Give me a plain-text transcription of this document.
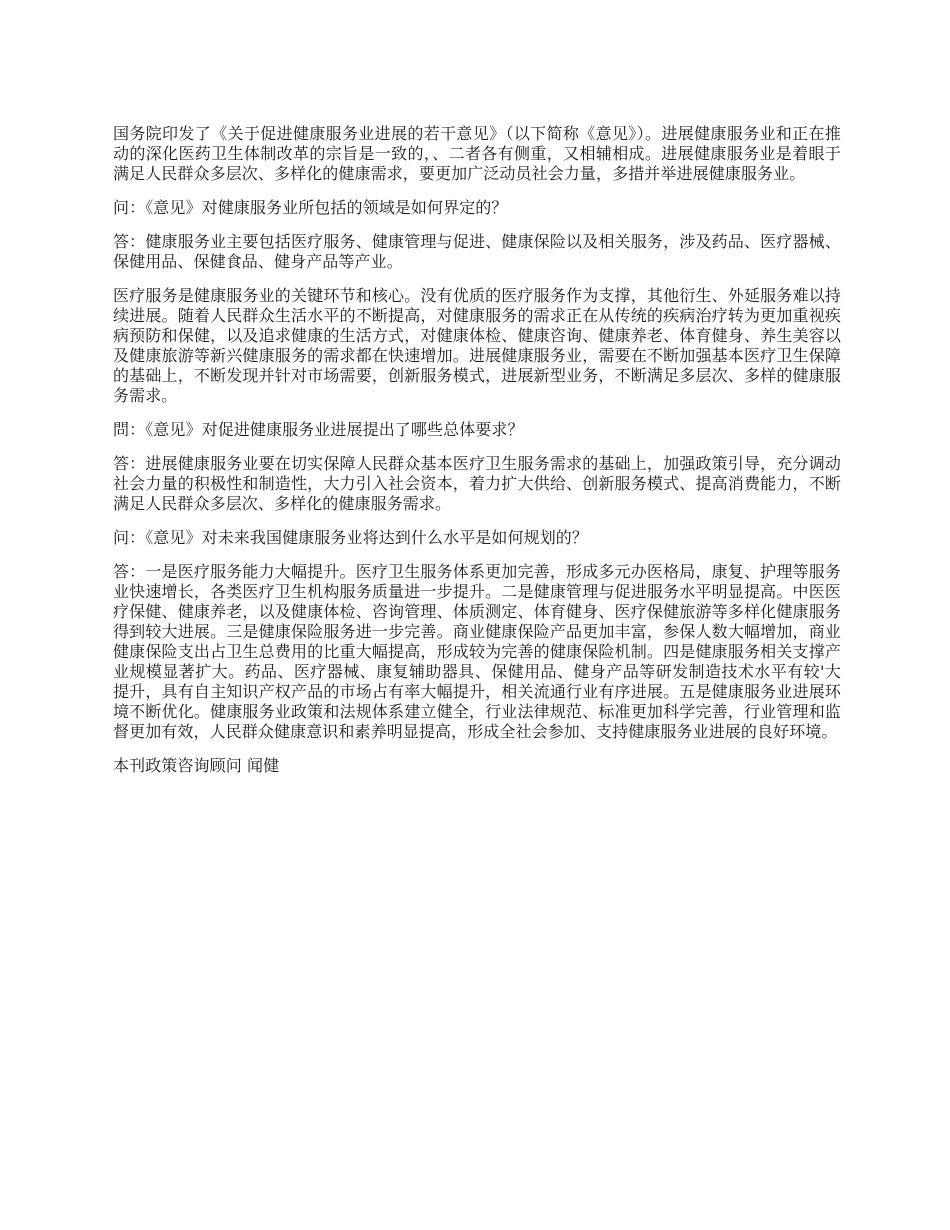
国务院印发了《关于促进健康服务业进展的若干意见》（以下简称《意见》）。进展健康服务业和正在推动的深化医药卫生体制改革的宗旨是一致的，、二者各有侧重，又相辅相成。进展健康服务业是着眼于满足人民群众多层次、多样化的健康需求，要更加广泛动员社会力量，多措并举进展健康服务业。

问：《意见》对健康服务业所包括的领域是如何界定的？

答：健康服务业主要包括医疗服务、健康管理与促进、健康保险以及相关服务，涉及药品、医疗器械、保健用品、保健食品、健身产品等产业。

医疗服务是健康服务业的关键环节和核心。没有优质的医疗服务作为支撑，其他衍生、外延服务难以持续进展。随着人民群众生活水平的不断提高，对健康服务的需求正在从传统的疾病治疗转为更加重视疾病预防和保健，以及追求健康的生活方式，对健康体检、健康咨询、健康养老、体育健身、养生美容以及健康旅游等新兴健康服务的需求都在快速增加。进展健康服务业，需要在不断加强基本医疗卫生保障的基础上，不断发现并针对市场需要，创新服务模式，进展新型业务，不断满足多层次、多样的健康服务需求。

問：《意见》对促进健康服务业进展提出了哪些总体要求？

答：进展健康服务业要在切实保障人民群众基本医疗卫生服务需求的基础上，加强政策引导，充分调动社会力量的积极性和制造性，大力引入社会资本，着力扩大供给、创新服务模式、提高消费能力，不断满足人民群众多层次、多样化的健康服务需求。

问：《意见》对未来我国健康服务业将达到什么水平是如何规划的？

答：一是医疗服务能力大幅提升。医疗卫生服务体系更加完善，形成多元办医格局，康复、护理等服务业快速增长，各类医疗卫生机构服务质量进一步提升。二是健康管理与促进服务水平明显提高。中医医疗保健、健康养老，以及健康体检、咨询管理、体质测定、体育健身、医疗保健旅游等多样化健康服务得到较大进展。三是健康保险服务进一步完善。商业健康保险产品更加丰富，参保人数大幅增加，商业健康保险支出占卫生总费用的比重大幅提高，形成较为完善的健康保险机制。四是健康服务相关支撑产业规模显著扩大。药品、医疗器械、康复辅助器具、保健用品、健身产品等研发制造技术水平有较'大提升，具有自主知识产权产品的市场占有率大幅提升，相关流通行业有序进展。五是健康服务业进展环境不断优化。健康服务业政策和法规体系建立健全，行业法律规范、标准更加科学完善，行业管理和监督更加有效，人民群众健康意识和素养明显提高，形成全社会参加、支持健康服务业进展的良好环境。

本刊政策咨询顾问 闻健
